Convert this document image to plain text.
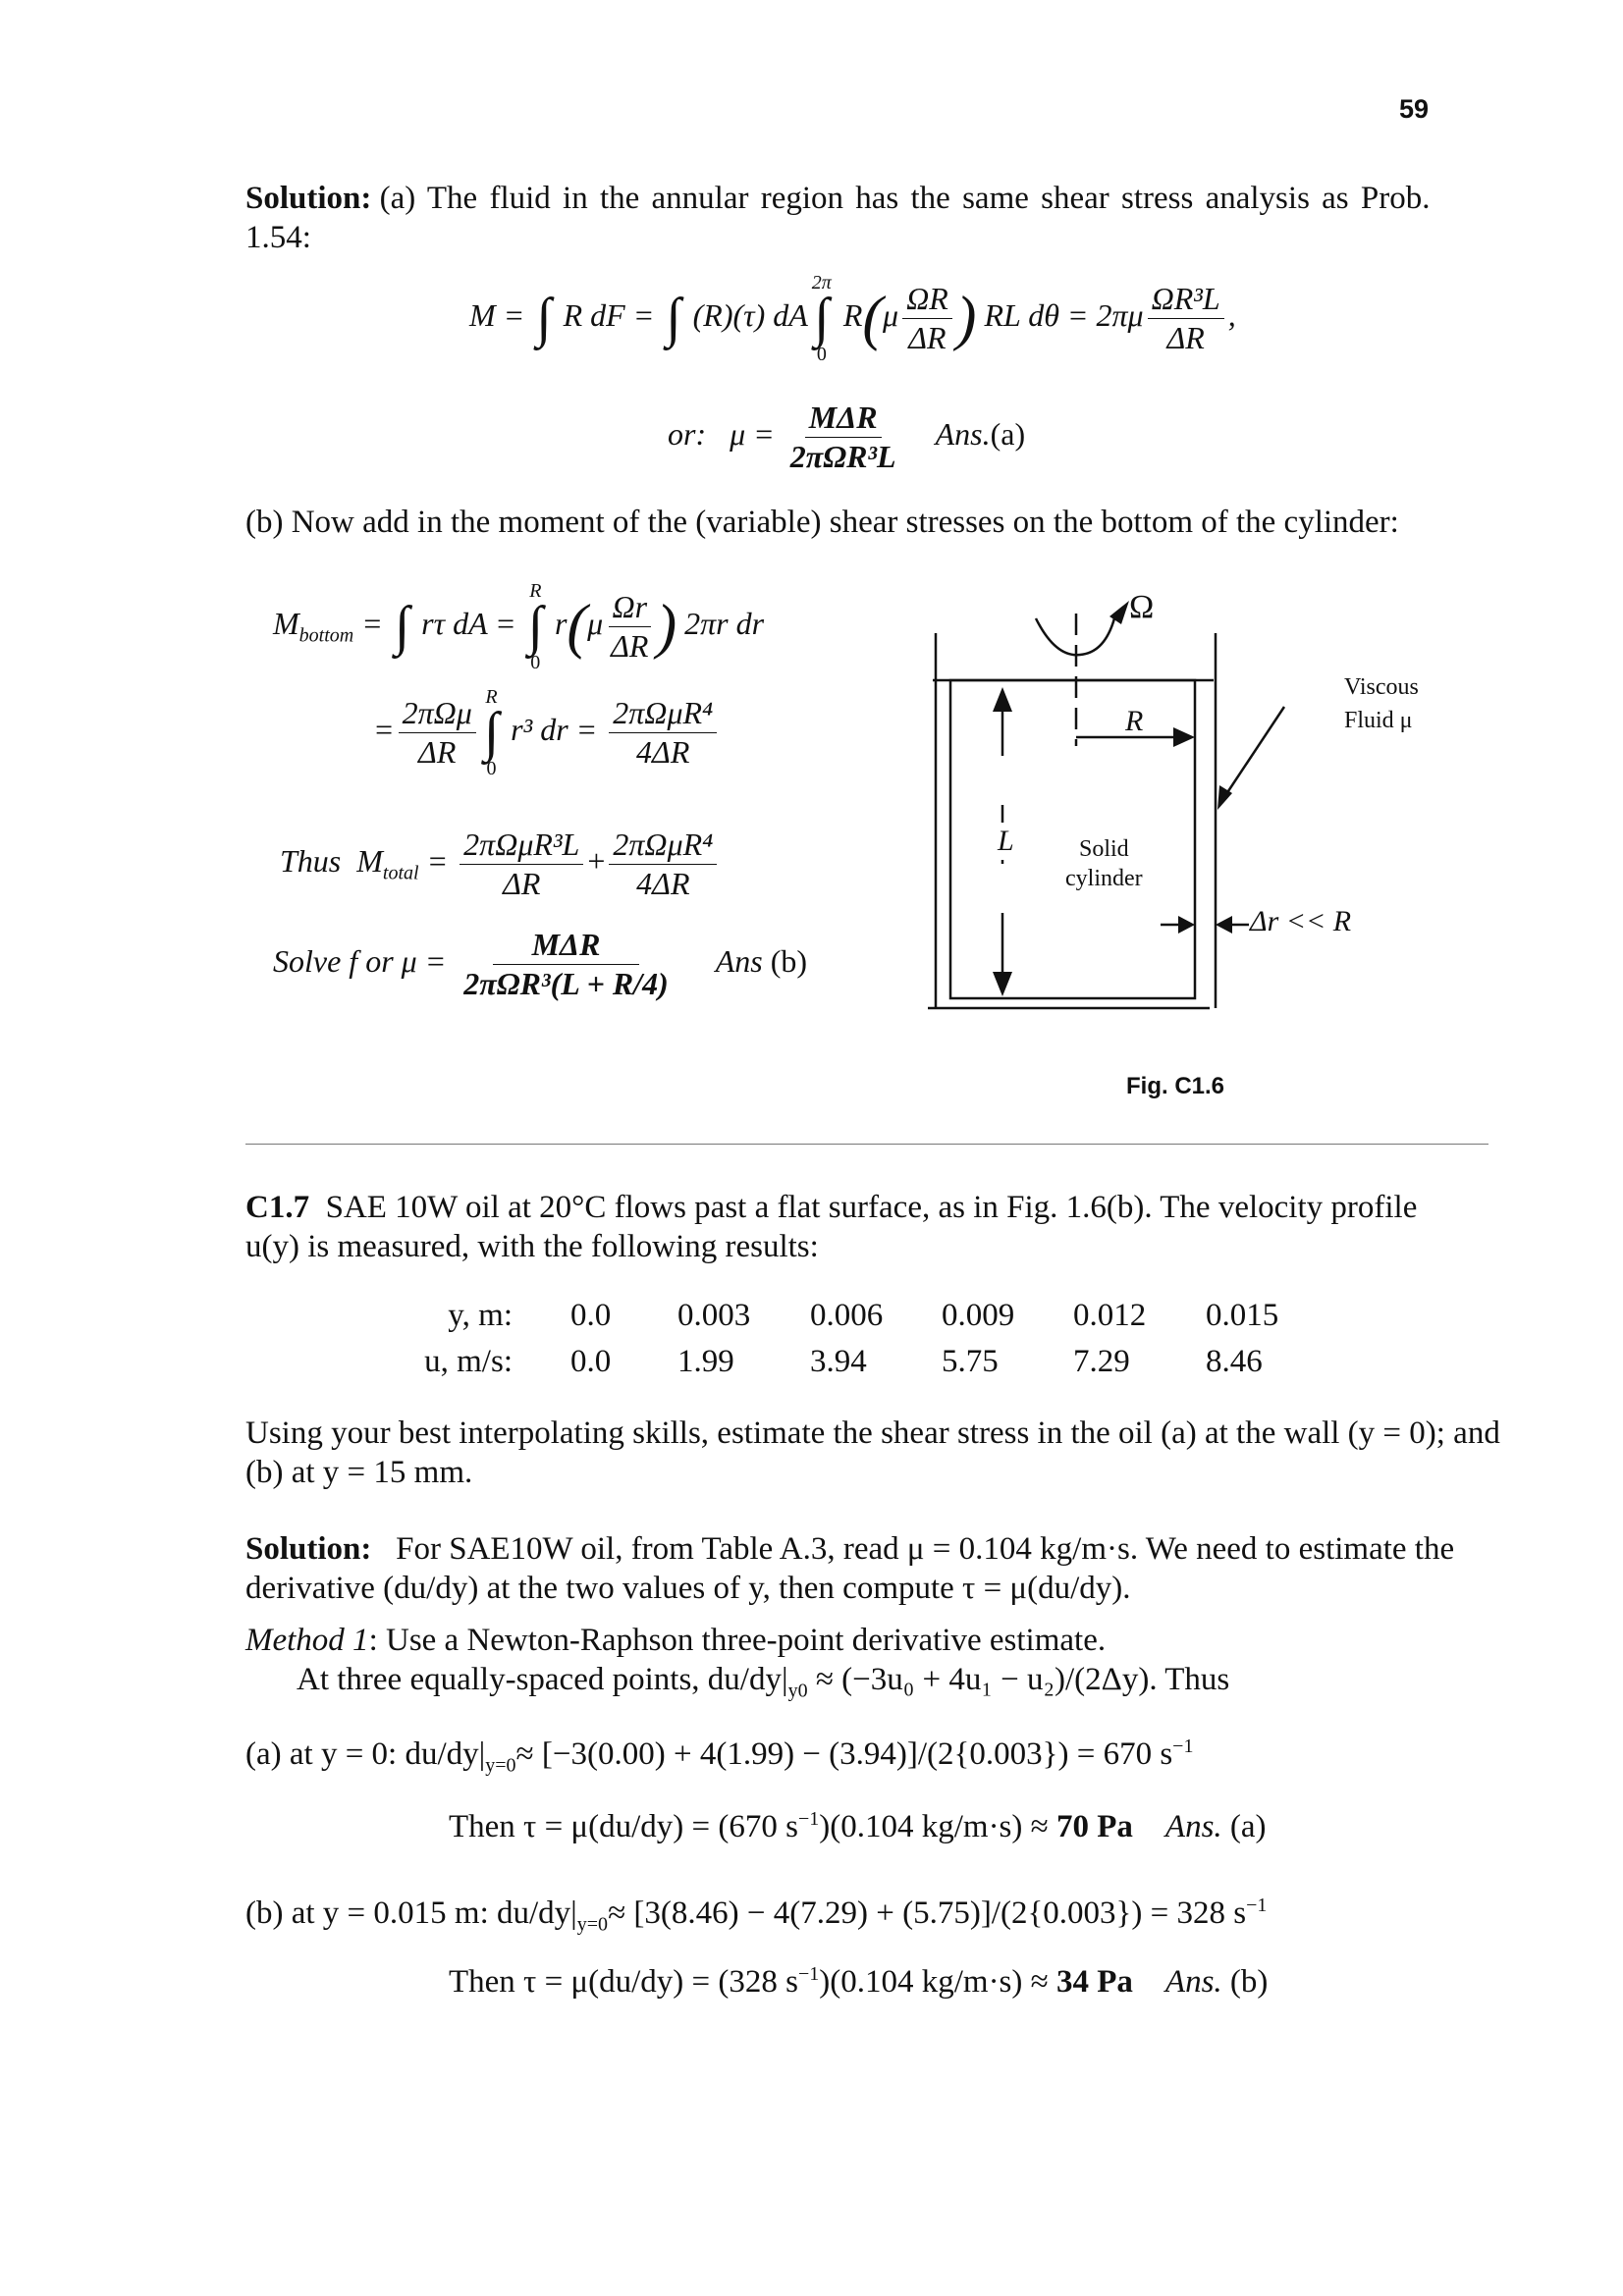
59
Solution: (a) The fluid in the annular region has the same shear stress analysis as Prob.
1.54:
M =
∫
R dF =
∫
(R)(τ) dA
2π
∫
0
$R(\mu \frac{\Omega R}{\Delta R}$ ) RL $d\theta = 2\pi\mu \frac{\text{ΩR³L}}{\Delta R}$ ,
or: $\mu = \frac{\text{MΔR}}{\text{2πΩR³L}} Ans.(a)$
(b) Now add in the moment of the (variable) shear stresses on the bottom of the cylinder:
$M_{bottom}$ =
∫
rτ dA =
R
∫
0
$r(\mu \frac{\Omega r}{\Delta R}$ ) 2πr dr
= $\frac{\text{2πΩμ}}{\Delta R}$ R
∫
0
r³ dr = $\frac{\text{2πΩμR⁴}}{4\Delta R}$
Thus $M_{total} = \frac{\text{2πΩμR³L}}{\Delta R} + \frac{\text{2πΩμR⁴}}{4\Delta R}$
Solve f or $\mu = \frac{\text{MΔR}}{\text{2πΩR³(L + R/4)}}$ Ans (b)
Ω
R
L	Solid
cylinder
Viscous
Fluid μ
Δr << R
Fig. C1.6
C1.7 SAE 10W oil at 20°C flows past a flat surface, as in Fig. 1.6(b). The velocity profile
u(y) is measured, with the following results:
y, m:
u, m/s:
0.0 0.003 0.006 0.009 0.012 0.015
0.0 1.99 3.94 5.75 7.29 8.46
Using your best interpolating skills, estimate the shear stress in the oil (a) at the wall (y = 0); and
(b) at y = 15 mm.
Solution: For SAE10W oil, from Table A.3, read μ = 0.104 kg/m·s. We need to estimate the
derivative (du/dy) at the two values of y, then compute τ = μ(du/dy).
Method 1: Use a Newton-Raphson three-point derivative estimate.
At three equally-spaced points, $du/dy|_{y0} \approx (-3u_0 + 4u_1 - u_2)/(2\Delta y)$. Thus
(a) at y = 0: $du/dy|_{y=0}\approx [-3(0.00) + 4(1.99) - (3.94)]/(2\{0.003\}) = 670$ $s^{-1}$
Then τ = μ(du/dy) = (670 $s^{-1})(0.104$ kg/m·s) ≈ 70 Pa Ans. (a)
(b) at y = 0.015 m: $du/dy|_{y=0}\approx [3(8.46) - 4(7.29) + (5.75)]/(2\{0.003\}) = 328$ $s^{-1}$
Then τ = μ(du/dy) = (328 $s^{-1})(0.104$ kg/m·s) ≈ 34 Pa Ans. (b)
